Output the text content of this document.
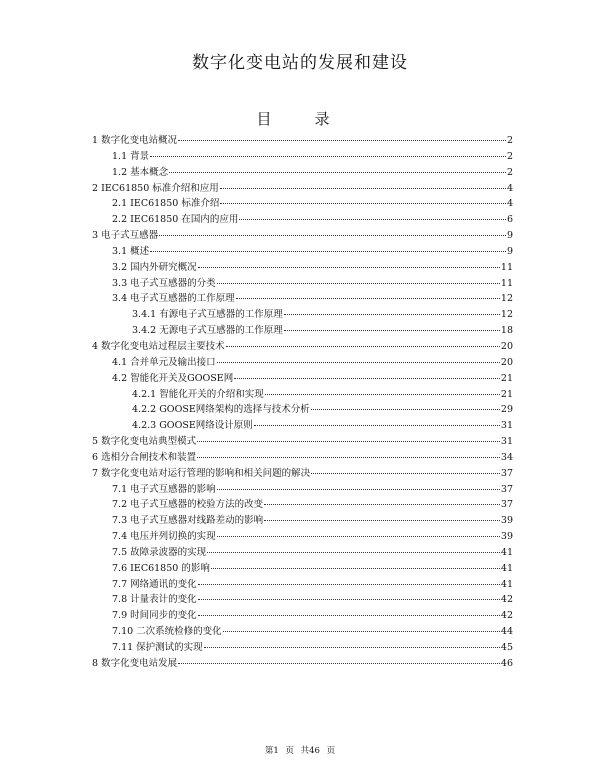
数字化变电站的发展和建设
目　录
1 数字化变电站概况	2
1.1 背景	2
1.2 基本概念	2
2 IEC61850 标准介绍和应用	4
2.1 IEC61850 标准介绍	4
2.2 IEC61850 在国内的应用	6
3 电子式互感器	9
3.1 概述	9
3.2 国内外研究概况	11
3.3 电子式互感器的分类	11
3.4 电子式互感器的工作原理	12
3.4.1 有源电子式互感器的工作原理	12
3.4.2 无源电子式互感器的工作原理	18
4 数字化变电站过程层主要技术	20
4.1 合并单元及输出接口	20
4.2 智能化开关及GOOSE网	21
4.2.1 智能化开关的介绍和实现	21
4.2.2 GOOSE网络架构的选择与技术分析	29
4.2.3 GOOSE网络设计原则	31
5 数字化变电站典型模式	31
6 选相分合闸技术和装置	34
7 数字化变电站对运行管理的影响和相关问题的解决	37
7.1 电子式互感器的影响	37
7.2 电子式互感器的校验方法的改变	37
7.3 电子式互感器对线路差动的影响	39
7.4 电压并列切换的实现	39
7.5 故障录波器的实现	41
7.6 IEC61850 的影响	41
7.7 网络通讯的变化	41
7.8 计量表计的变化	42
7.9 时间同步的变化	42
7.10 二次系统检修的变化	44
7.11 保护测试的实现	45
8 数字化变电站发展	46
第1 页 共46 页
